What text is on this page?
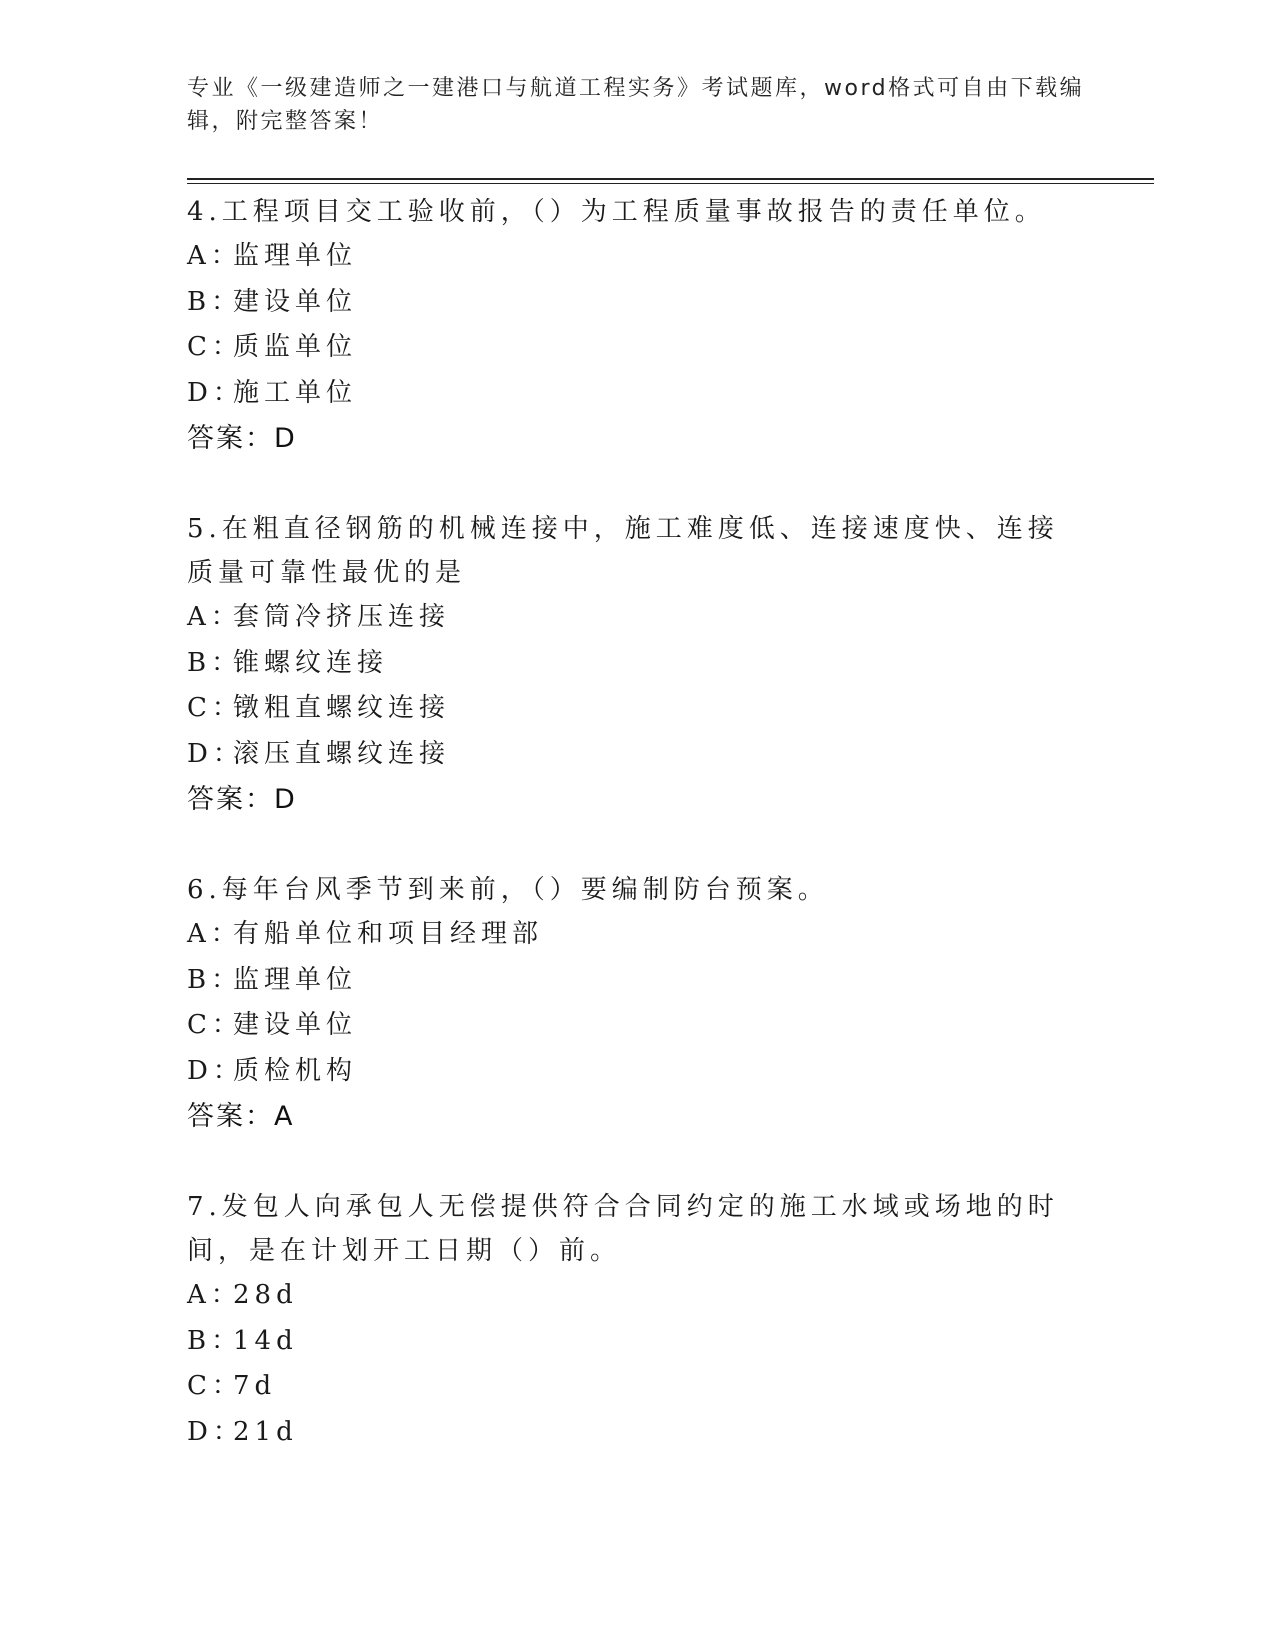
专业《一级建造师之一建港口与航道工程实务》考试题库，word格式可自由下载编辑，附完整答案！

4.工程项目交工验收前，（）为工程质量事故报告的责任单位。

A：监理单位

B：建设单位

C：质监单位

D：施工单位

答案：D

5.在粗直径钢筋的机械连接中，施工难度低、连接速度快、连接质量可靠性最优的是

A：套筒冷挤压连接

B：锥螺纹连接

C：镦粗直螺纹连接

D：滚压直螺纹连接

答案：D

6.每年台风季节到来前，（）要编制防台预案。

A：有船单位和项目经理部

B：监理单位

C：建设单位

D：质检机构

答案：A

7.发包人向承包人无偿提供符合合同约定的施工水域或场地的时间，是在计划开工日期（）前。

A：28d

B：14d

C：7d

D：21d
